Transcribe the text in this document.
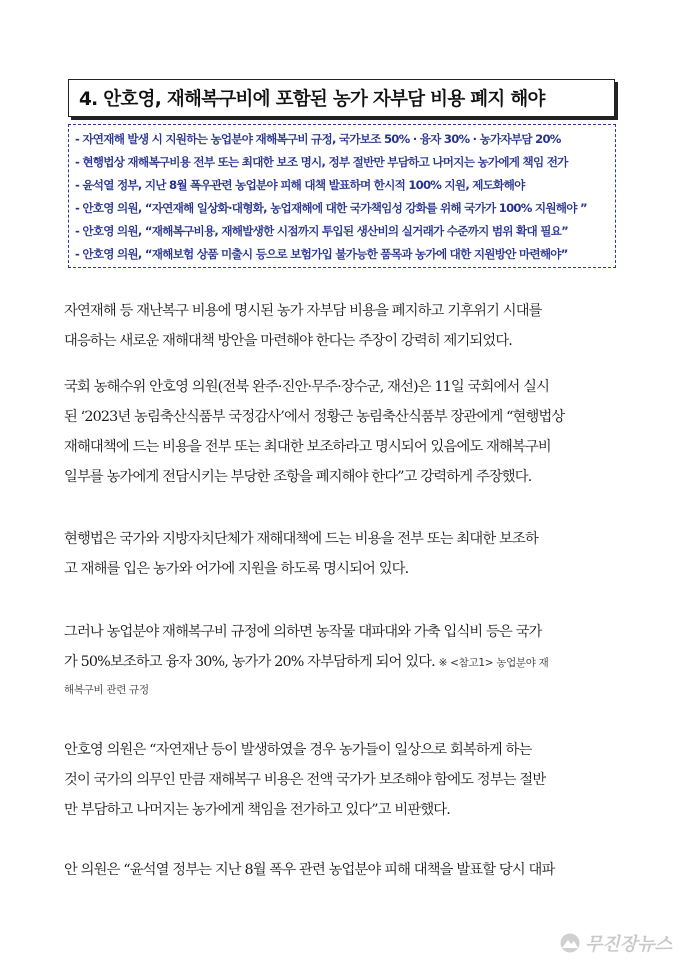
4. 안호영, 재해복구비에 포함된 농가 자부담 비용 폐지 해야
- 자연재해 발생 시 지원하는 농업분야 재해복구비 규정, 국가보조 50% · 융자 30% · 농가자부담 20%
- 현행법상 재해복구비용 전부 또는 최대한 보조 명시, 정부 절반만 부담하고 나머지는 농가에게 책임 전가
- 윤석열 정부, 지난 8월 폭우관련 농업분야 피해 대책 발표하며 한시적 100% 지원, 제도화해야
- 안호영 의원, “자연재해 일상화·대형화, 농업재해에 대한 국가책임성 강화를 위해 국가가 100% 지원해야 ”
- 안호영 의원, “재해복구비용, 재해발생한 시점까지 투입된 생산비의 실거래가 수준까지 범위 확대 필요”
- 안호영 의원, “재해보험 상품 미출시 등으로 보험가입 불가능한 품목과 농가에 대한 지원방안 마련해야”
자연재해 등 재난복구 비용에 명시된 농가 자부담 비용을 폐지하고 기후위기 시대를
대응하는 새로운 재해대책 방안을 마련해야 한다는 주장이 강력히 제기되었다.
국회 농해수위 안호영 의원(전북 완주·진안·무주·장수군, 재선)은 11일 국회에서 실시
된 ‘2023년 농림축산식품부 국정감사’에서 정황근 농림축산식품부 장관에게 “현행법상
재해대책에 드는 비용을 전부 또는 최대한 보조하라고 명시되어 있음에도 재해복구비
일부를 농가에게 전담시키는 부당한 조항을 폐지해야 한다”고 강력하게 주장했다.
현행법은 국가와 지방자치단체가 재해대책에 드는 비용을 전부 또는 최대한 보조하
고 재해를 입은 농가와 어가에 지원을 하도록 명시되어 있다.
그러나 농업분야 재해복구비 규정에 의하면 농작물 대파대와 가축 입식비 등은 국가
가 50%보조하고 융자 30%, 농가가 20% 자부담하게 되어 있다. ※ <참고1> 농업분야 재
해복구비 관련 규정
안호영 의원은 “자연재난 등이 발생하였을 경우 농가들이 일상으로 회복하게 하는
것이 국가의 의무인 만큼 재해복구 비용은 전액 국가가 보조해야 함에도 정부는 절반
만 부담하고 나머지는 농가에게 책임을 전가하고 있다”고 비판했다.
안 의원은 “윤석열 정부는 지난 8월 폭우 관련 농업분야 피해 대책을 발표할 당시 대파
무진장뉴스
